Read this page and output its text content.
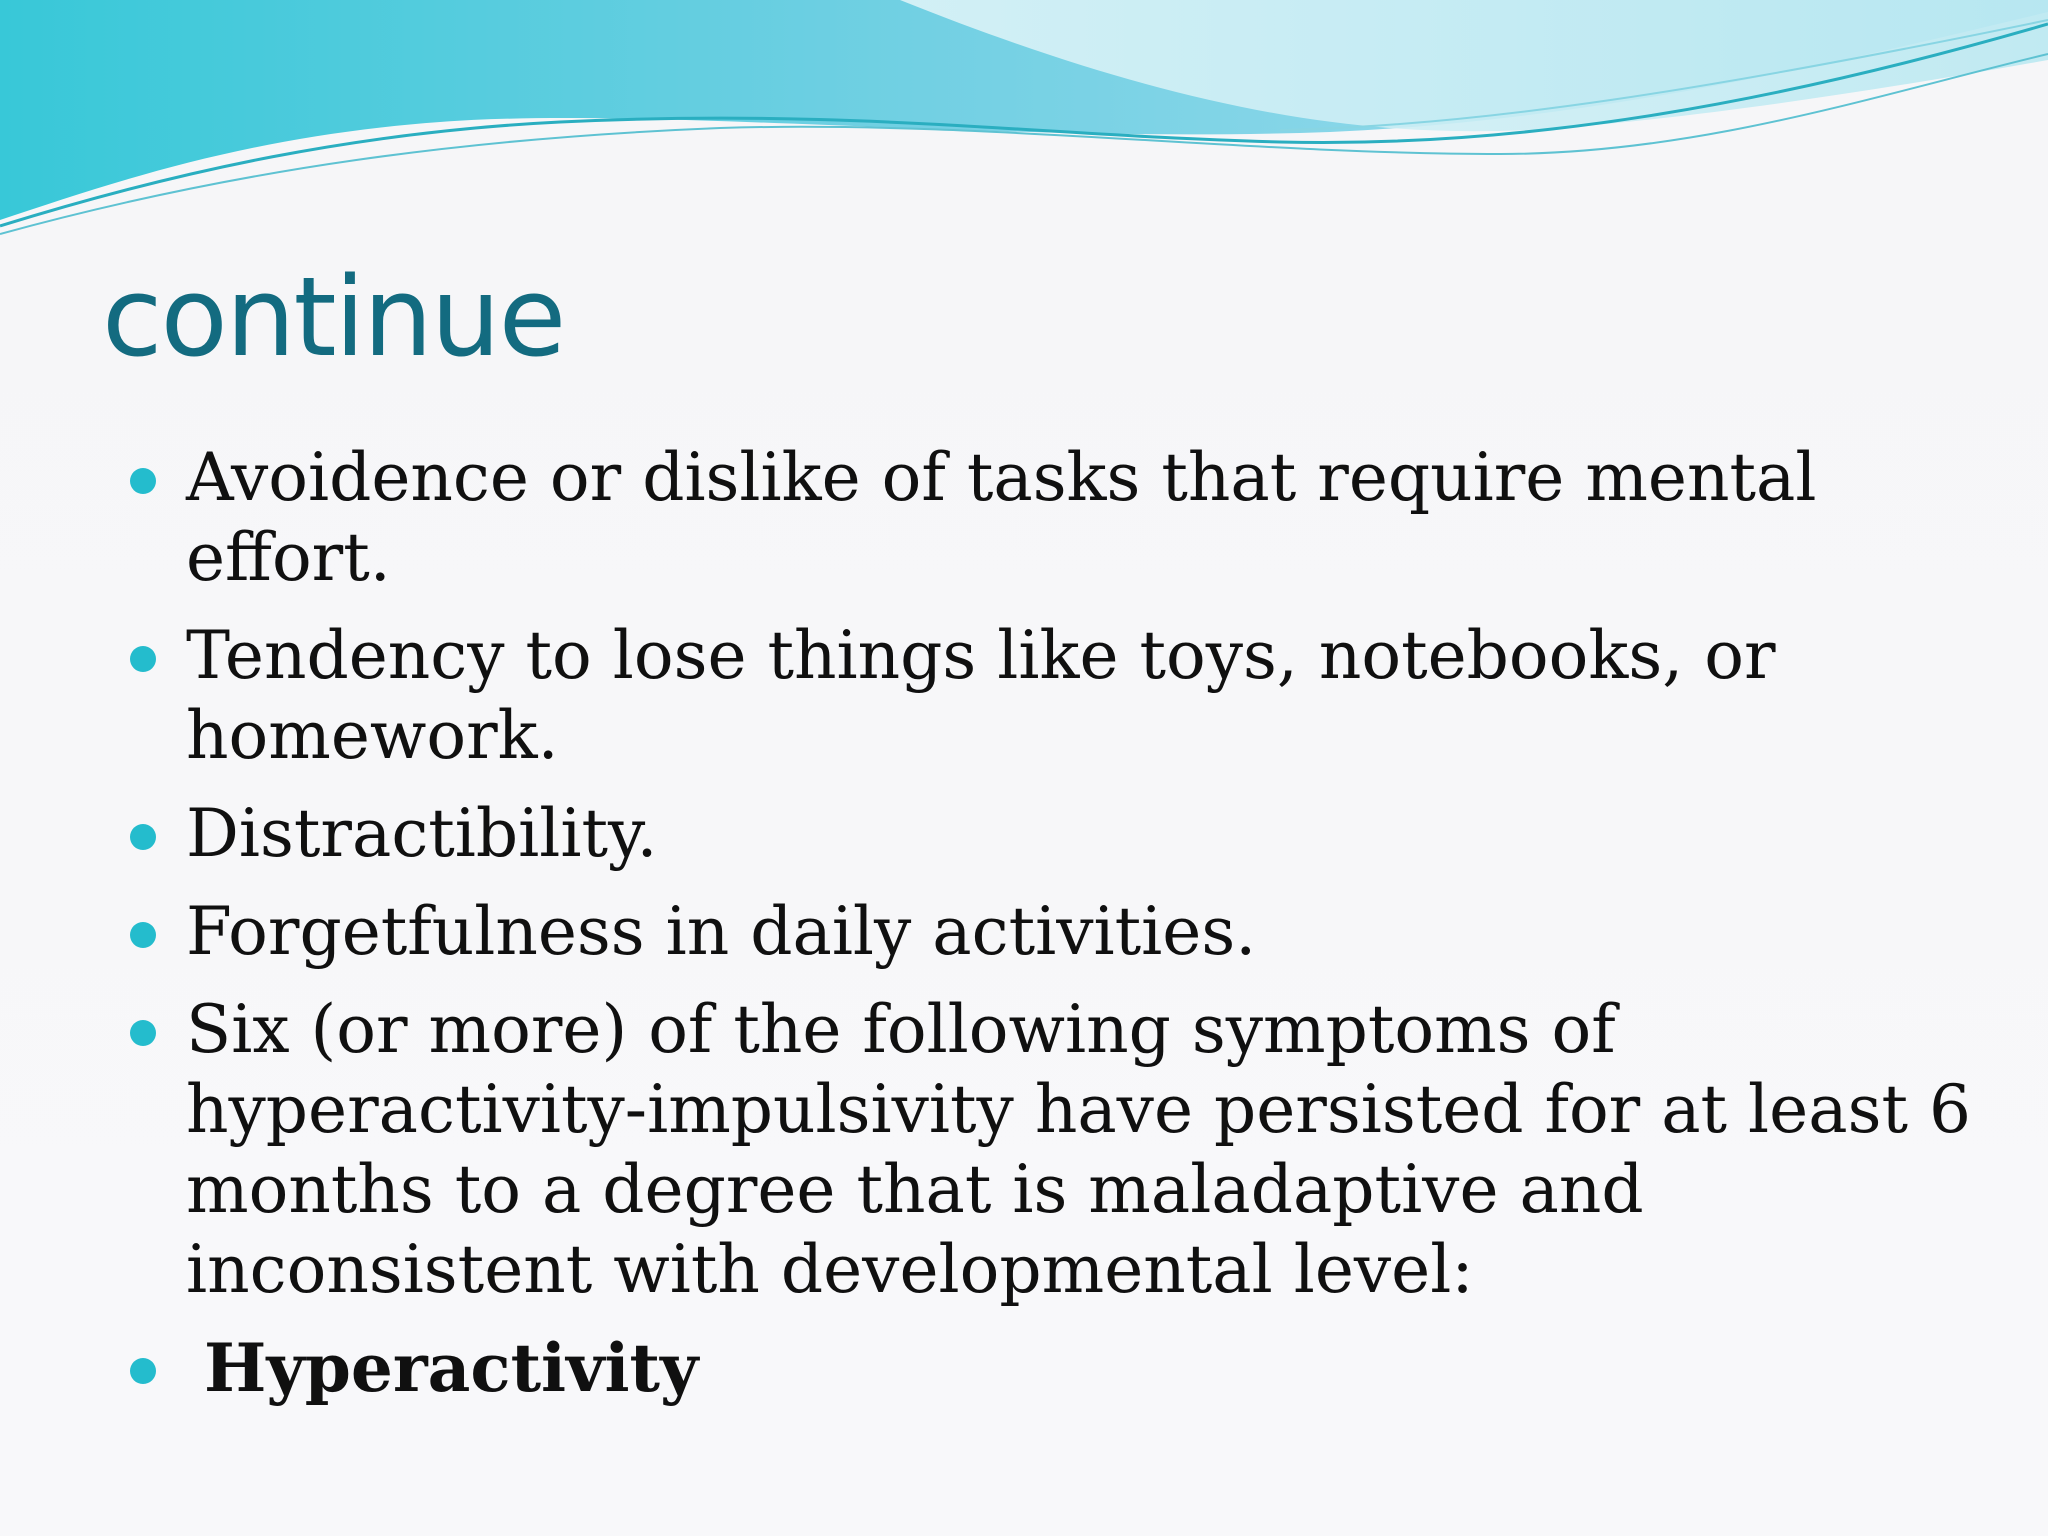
continue
Avoidence or dislike of tasks that require mental effort.
Tendency to lose things like toys, notebooks, or homework.
Distractibility.
Forgetfulness in daily activities.
Six (or more) of the following symptoms of hyperactivity-impulsivity have persisted for at least 6 months to a degree that is maladaptive and inconsistent with developmental level:
Hyperactivity
